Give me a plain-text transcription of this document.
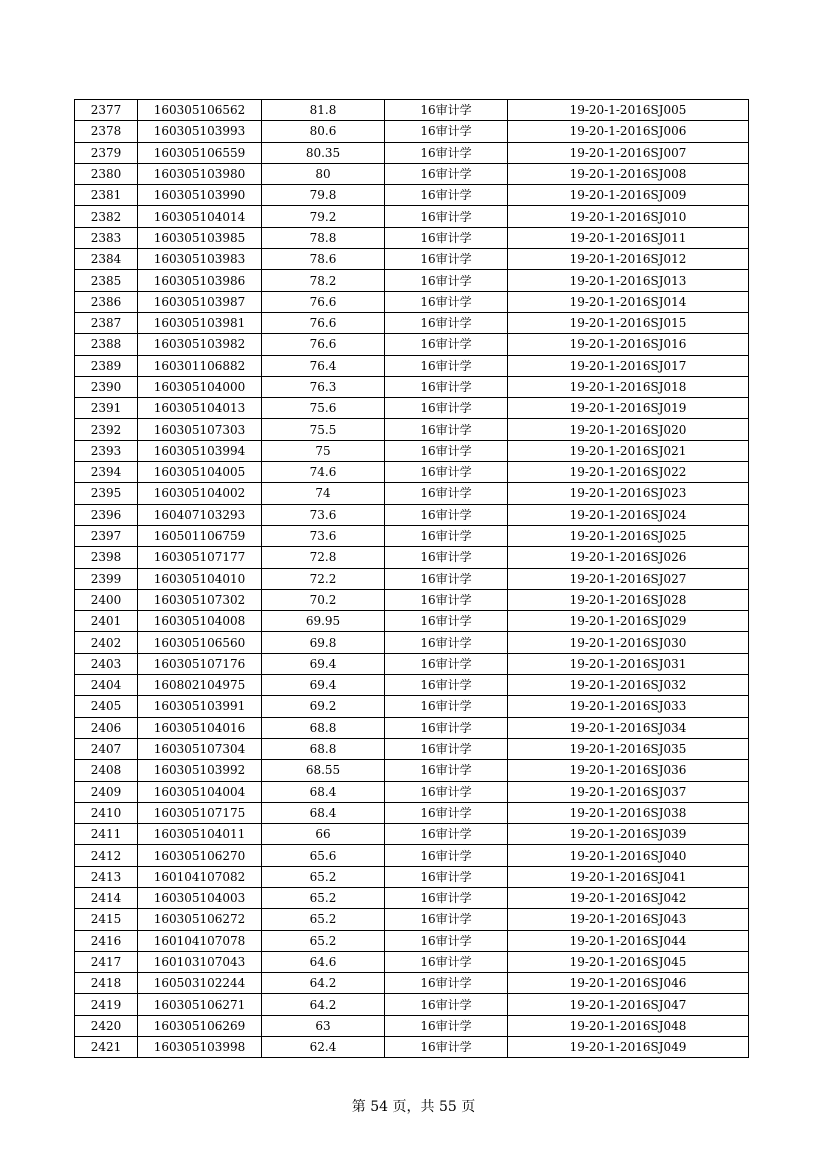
2377	160305106562	81.8	16审计学	19-20-1-2016SJ005
2378	160305103993	80.6	16审计学	19-20-1-2016SJ006
2379	160305106559	80.35	16审计学	19-20-1-2016SJ007
2380	160305103980	80	16审计学	19-20-1-2016SJ008
2381	160305103990	79.8	16审计学	19-20-1-2016SJ009
2382	160305104014	79.2	16审计学	19-20-1-2016SJ010
2383	160305103985	78.8	16审计学	19-20-1-2016SJ011
2384	160305103983	78.6	16审计学	19-20-1-2016SJ012
2385	160305103986	78.2	16审计学	19-20-1-2016SJ013
2386	160305103987	76.6	16审计学	19-20-1-2016SJ014
2387	160305103981	76.6	16审计学	19-20-1-2016SJ015
2388	160305103982	76.6	16审计学	19-20-1-2016SJ016
2389	160301106882	76.4	16审计学	19-20-1-2016SJ017
2390	160305104000	76.3	16审计学	19-20-1-2016SJ018
2391	160305104013	75.6	16审计学	19-20-1-2016SJ019
2392	160305107303	75.5	16审计学	19-20-1-2016SJ020
2393	160305103994	75	16审计学	19-20-1-2016SJ021
2394	160305104005	74.6	16审计学	19-20-1-2016SJ022
2395	160305104002	74	16审计学	19-20-1-2016SJ023
2396	160407103293	73.6	16审计学	19-20-1-2016SJ024
2397	160501106759	73.6	16审计学	19-20-1-2016SJ025
2398	160305107177	72.8	16审计学	19-20-1-2016SJ026
2399	160305104010	72.2	16审计学	19-20-1-2016SJ027
2400	160305107302	70.2	16审计学	19-20-1-2016SJ028
2401	160305104008	69.95	16审计学	19-20-1-2016SJ029
2402	160305106560	69.8	16审计学	19-20-1-2016SJ030
2403	160305107176	69.4	16审计学	19-20-1-2016SJ031
2404	160802104975	69.4	16审计学	19-20-1-2016SJ032
2405	160305103991	69.2	16审计学	19-20-1-2016SJ033
2406	160305104016	68.8	16审计学	19-20-1-2016SJ034
2407	160305107304	68.8	16审计学	19-20-1-2016SJ035
2408	160305103992	68.55	16审计学	19-20-1-2016SJ036
2409	160305104004	68.4	16审计学	19-20-1-2016SJ037
2410	160305107175	68.4	16审计学	19-20-1-2016SJ038
2411	160305104011	66	16审计学	19-20-1-2016SJ039
2412	160305106270	65.6	16审计学	19-20-1-2016SJ040
2413	160104107082	65.2	16审计学	19-20-1-2016SJ041
2414	160305104003	65.2	16审计学	19-20-1-2016SJ042
2415	160305106272	65.2	16审计学	19-20-1-2016SJ043
2416	160104107078	65.2	16审计学	19-20-1-2016SJ044
2417	160103107043	64.6	16审计学	19-20-1-2016SJ045
2418	160503102244	64.2	16审计学	19-20-1-2016SJ046
2419	160305106271	64.2	16审计学	19-20-1-2016SJ047
2420	160305106269	63	16审计学	19-20-1-2016SJ048
2421	160305103998	62.4	16审计学	19-20-1-2016SJ049
第 54 页，共 55 页
